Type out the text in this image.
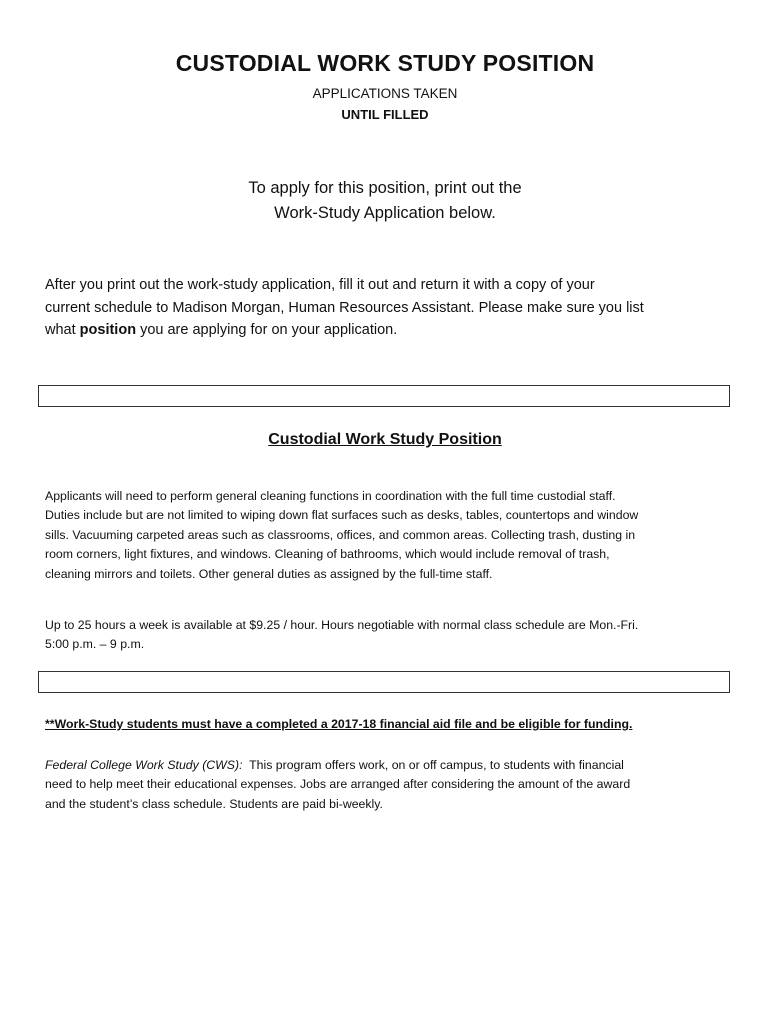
CUSTODIAL WORK STUDY POSITION
APPLICATIONS TAKEN
UNTIL FILLED
To apply for this position, print out the
Work-Study Application below.
After you print out the work-study application, fill it out and return it with a copy of your
current schedule to Madison Morgan, Human Resources Assistant. Please make sure you list
what position you are applying for on your application.
Custodial Work Study Position
Applicants will need to perform general cleaning functions in coordination with the full time custodial staff.
Duties include but are not limited to wiping down flat surfaces such as desks, tables, countertops and window
sills. Vacuuming carpeted areas such as classrooms, offices, and common areas. Collecting trash, dusting in
room corners, light fixtures, and windows. Cleaning of bathrooms, which would include removal of trash,
cleaning mirrors and toilets. Other general duties as assigned by the full-time staff.
Up to 25 hours a week is available at $9.25 / hour. Hours negotiable with normal class schedule are Mon.-Fri.
5:00 p.m. – 9 p.m.
**Work-Study students must have a completed a 2017-18 financial aid file and be eligible for funding.
Federal College Work Study (CWS):  This program offers work, on or off campus, to students with financial
need to help meet their educational expenses. Jobs are arranged after considering the amount of the award
and the student’s class schedule. Students are paid bi-weekly.
